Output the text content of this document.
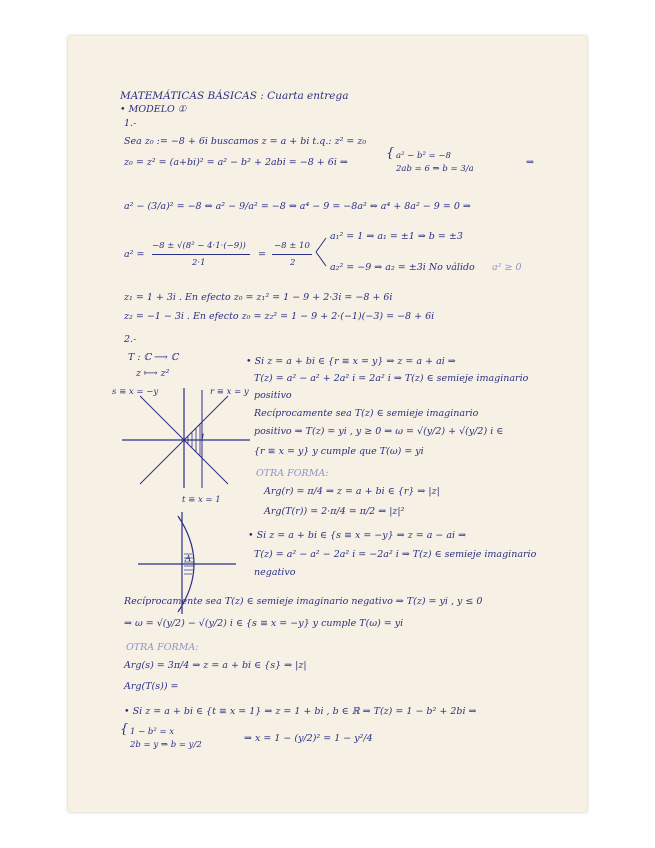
MATEMÁTICAS BÁSICAS : Cuarta entrega
• MODELO ①
1.-
Sea z₀ := −8 + 6i buscamos z = a + bi t.q.: z² = z₀
z₀ = z² = (a+bi)² = a² − b² + 2abi = −8 + 6i ⇒
{ a² − b² = −8
2ab = 6 ⇒ b = 3/a
⇒
a² − (3/a)² = −8 ⇔ a² − 9/a² = −8 ⇔ a⁴ − 9 = −8a² ⇔ a⁴ + 8a² − 9 = 0 ⇒
a² =
−8 ± √(8² − 4·1·(−9))
2·1
=
−8 ± 10
2
a₁² = 1 ⇒ a₁ = ±1 ⇒ b = ±3
a₂² = −9 ⇒ a₂ = ±3i No válido a² ≥ 0
z₁ = 1 + 3i . En efecto z₀ = z₁² = 1 − 9 + 2·3i = −8 + 6i
z₂ = −1 − 3i . En efecto z₀ = z₂² = 1 − 9 + 2·(−1)(−3) = −8 + 6i
2.-
T : ℂ ⟶ ℂ
z ⟼ z²
s ≡ x = −y	r ≡ x = y
1
t ≡ x = 1
A
• Si z = a + bi ∈ {r ≡ x = y} ⇒ z = a + ai ⇒
T(z) = a² − a² + 2a² i = 2a² i ⇒ T(z) ∈ semieje imaginario
positivo
Recíprocamente sea T(z) ∈ semieje imaginario
positivo ⇒ T(z) = yi , y ≥ 0 ⇒ ω = √(y/2) + √(y/2) i ∈
{r ≡ x = y} y cumple que T(ω) = yi
OTRA FORMA:
Arg(r) = π/4 ⇒ z = a + bi ∈ {r} ⇒ |z|
Arg(T(r)) = 2·π/4 = π/2 ⇒ |z|²
• Si z = a + bi ∈ {s ≡ x = −y} ⇒ z = a − ai ⇒
T(z) = a² − a² − 2a² i = −2a² i ⇒ T(z) ∈ semieje imaginario
negativo
Recíprocamente sea T(z) ∈ semieje imaginario negativo ⇒ T(z) = yi , y ≤ 0
⇒ ω = √(y/2) − √(y/2) i ∈ {s ≡ x = −y} y cumple T(ω) = yi
OTRA FORMA:
Arg(s) = 3π/4 ⇒ z = a + bi ∈ {s} ⇒ |z|
Arg(T(s)) =
• Si z = a + bi ∈ {t ≡ x = 1} ⇒ z = 1 + bi , b ∈ ℝ ⇒ T(z) = 1 − b² + 2bi ⇒
{ 1 − b² = x
2b = y ⇒ b = y/2
⇒ x = 1 − (y/2)² = 1 − y²/4
